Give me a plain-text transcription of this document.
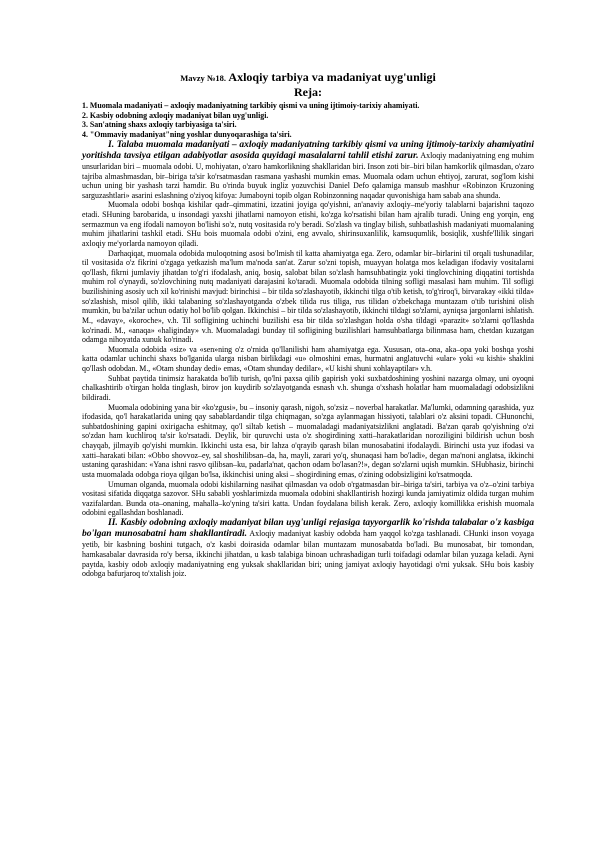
Mavzy №18. Axloqiy tarbiya va madaniyat uyg'unligi
Reja:
1. Muomala madaniyati – axloqiy madaniyatning tarkibiy qismi va uning ijtimoiy-tarixiy ahamiyati.
2. Kasbiy odobning axloqiy madaniyat bilan uyg'unligi.
3. San'atning shaxs axloqiy tarbiyasiga ta'siri.
4. "Ommaviy madaniyat"ning yoshlar dunyoqarashiga ta'siri.

I. Talaba muomala madaniyati – axloqiy madaniyatning tarkibiy qismi va uning ijtimoiy-tarixiy ahamiyatini yoritishda tavsiya etilgan adabiyotlar asosida quyidagi masalalarni tahlil etishi zarur. Axloqiy madaniyatning eng muhim unsurlaridan biri – muomala odobi. U, mohiyatan, o'zaro hamkorlikning shakllaridan biri. Inson zoti bir–biri bilan hamkorlik qilmasdan, o'zaro tajriba almashmasdan, bir–biriga ta'sir ko'rsatmasdan rasmana yashashi mumkin emas. Muomala odam uchun ehtiyoj, zarurat, sog'lom kishi uchun uning bir yashash tarzi hamdir. Bu o'rinda buyuk ingliz yozuvchisi Daniel Defo qalamiga mansub mashhur «Robinzon Kruzoning sarguzashtlari» asarini eslashning o'ziyoq kifoya: Jumaboyni topib olgan Robinzonning naqadar quvonishiga ham sabab ana shunda.

Muomala odobi boshqa kishilar qadr–qimmatini, izzatini joyiga qo'yishni, an'anaviy axloqiy–me'yoriy talablarni bajarishni taqozo etadi. SHuning barobarida, u insondagi yaxshi jihatlarni namoyon etishi, ko'zga ko'rsatishi bilan ham ajralib turadi. Uning eng yorqin, eng sermazmun va eng ifodali namoyon bo'lishi so'z, nutq vositasida ro'y beradi. So'zlash va tinglay bilish, suhbatlashish madaniyati muomalaning muhim jihatlarini tashkil etadi. SHu bois muomala odobi o'zini, eng avvalo, shirinsuxanlilik, kamsuqumlik, bosiqlik, xushfe'llilik singari axloqiy me'yorlarda namoyon qiladi.

Darhaqiqat, muomala odobida muloqotning asosi bo'lmish til katta ahamiyatga ega. Zero, odamlar bir–birlarini til orqali tushunadilar, til vositasida o'z fikrini o'zgaga yetkazish ma'lum ma'noda san'at. Zarur so'zni topish, muayyan holatga mos keladigan ifodaviy vositalarni qo'llash, fikrni jumlaviy jihatdan to'g'ri ifodalash, aniq, bosiq, salobat bilan so'zlash hamsuhbatingiz yoki tinglovchining diqqatini tortishda muhim rol o'ynaydi, so'zlovchining nutq madaniyati darajasini ko'taradi. Muomala odobida tilning sofligi masalasi ham muhim. Til sofligi buzilishining asosiy uch xil ko'rinishi mavjud: birinchisi – bir tilda so'zlashayotib, ikkinchi tilga o'tib ketish, to'g'riroq'i, birvarakay «ikki tilda» so'zlashish, misol qilib, ikki talabaning so'zlashayotganda o'zbek tilida rus tiliga, rus tilidan o'zbekchaga muntazam o'tib turishini olish mumkin, bu ba'zilar uchun odatiy hol bo'lib qolgan. Ikkinchisi – bir tilda so'zlashayotib, ikkinchi tildagi so'zlarni, ayniqsa jargonlarni ishlatish. M., «davay», «koroche», v.h. Til sofligining uchinchi buzilishi esa bir tilda so'zlashgan holda o'sha tildagi «parazit» so'zlarni qo'llashda ko'rinadi. M., «anaqa» «haligindaу» v.h. Muomaladagi bunday til sofligining buzilishlari hamsuhbatlarga bilinmasa ham, chetdan kuzatgan odamga nihoyatda xunuk ko'rinadi.

Muomala odobida «siz» va «sen»ning o'z o'rnida qo'llanilishi ham ahamiyatga ega. Xususan, ota–ona, aka–opa yoki boshqa yoshi katta odamlar uchinchi shaxs bo'lganida ularga nisban birlikdagi «u» olmoshini emas, hurmatni anglatuvchi «ular» yoki «u kishi» shaklini qo'llash odobdan. M., «Otam shunday dedi» emas, «Otam shunday dedilar», «U kishi shuni xohlayaptilar» v.h.

Suhbat paytida tinimsiz harakatda bo'lib turish, qo'lni paxsa qilib gapirish yoki suxbatdoshining yoshini nazarga olmay, uni oyoqni chalkashtirib o'tirgan holda tinglash, birov jon kuydirib so'zlayotganda esnash v.h. shunga o'xshash holatlar ham muomaladagi odobsizlikni bildiradi.

Muomala odobining yana bir «ko'zgusi», bu – insoniy qarash, nigoh, so'zsiz – noverbal harakatlar. Ma'lumki, odamning qarashida, yuz ifodasida, qo'l harakatlarida uning qay sabablardandir tilga chiqmagan, so'zga aylanmagan hissiyoti, talablari o'z aksini topadi. CHunonchi, suhbatdoshining gapini oxirigacha eshitmay, qo'l siltab ketish – muomaladagi madaniyatsizlikni anglatadi. Ba'zan qarab qo'yishning o'zi so'zdan ham kuchliroq ta'sir ko'rsatadi. Deylik, bir quruvchi usta o'z shogirdining xatti–harakatlaridan noroziligini bildirish uchun bosh chayqab, jilmayib qo'yishi mumkin. Ikkinchi usta esa, bir lahza o'qrayib qarash bilan munosabatini ifodalaydi. Birinchi usta yuz ifodasi va xatti–harakati bilan: «Obbo shovvoz–ey, sal shoshilibsan–da, ha, mayli, zarari yo'q, shunaqasi ham bo'ladi», degan ma'noni anglatsa, ikkinchi ustaning qarashidan: «Yana ishni rasvo qilibsan–ku, padarla'nat, qachon odam bo'lasan?!», degan so'zlarni uqish mumkin. SHubhasiz, birinchi usta muomalada odobga rioya qilgan bo'lsa, ikkinchisi uning aksi – shogirdining emas, o'zining odobsizligini ko'rsatmoqda.

Umuman olganda, muomala odobi kishilarning nasihat qilmasdan va odob o'rgatmasdan bir–biriga ta'siri, tarbiya va o'z–o'zini tarbiya vositasi sifatida diqqatga sazovor. SHu sababli yoshlarimizda muomala odobini shakllantirish hozirgi kunda jamiyatimiz oldida turgan muhim vazifalardan. Bunda ota–onaning, mahalla–ko'yning ta'siri katta. Undan foydalana bilish kerak. Zero, axloqiy komillikka erishish muomala odobini egallashdan boshlanadi.

II. Kasbiy odobning axloqiy madaniyat bilan uyg'unligi rejasiga tayyorgarlik ko'rishda talabalar o'z kasbiga bo'lgan munosabatni ham shakllantiradi. Axloqiy madaniyat kasbiy odobda ham yaqqol ko'zga tashlanadi. CHunki inson voyaga yetib, bir kasbning boshini tutgach, o'z kasbi doirasida odamlar bilan muntazam munosabatda bo'ladi. Bu munosabat, bir tomondan, hamkasabalar davrasida ro'y bersa, ikkinchi jihatdan, u kasb talabiga binoan uchrashadigan turli toifadagi odamlar bilan yuzaga keladi. Ayni paytda, kasbiy odob axloqiy madaniyatning eng yuksak shakllaridan biri; uning jamiyat axloqiy hayotidagi o'rni yuksak. SHu bois kasbiy odobga bafurjaroq to'xtalish joiz.
